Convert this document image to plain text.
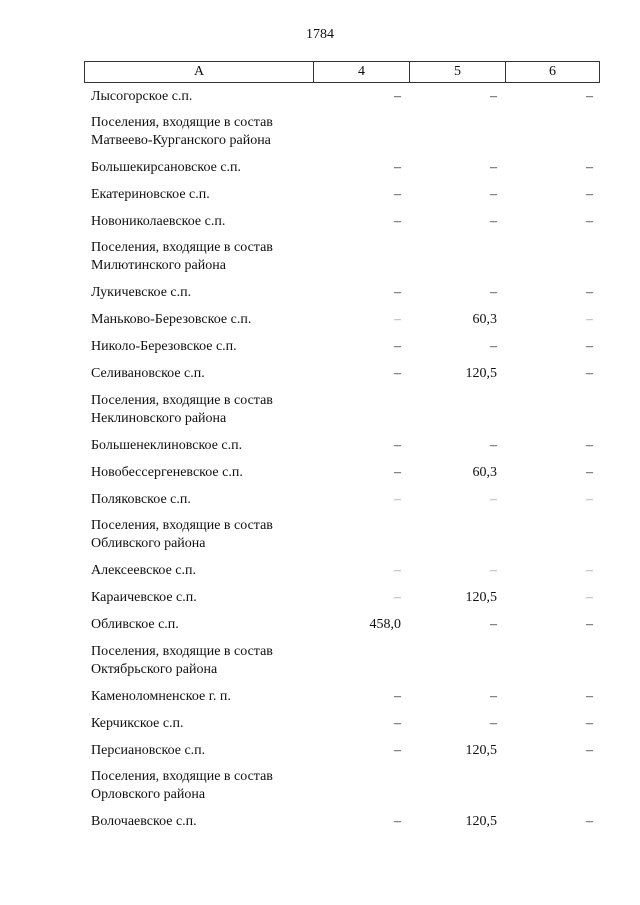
1784
А	4	5	6
Лысогорское с.п.	–	–	–
Поселения, входящие в состав Матвеево-Курганского района
Большекирсановское с.п.	–	–	–
Екатериновское с.п.	–	–	–
Новониколаевское с.п.	–	–	–
Поселения, входящие в состав Милютинского района
Лукичевское с.п.	–	–	–
Маньково-Березовское с.п.	–	60,3	–
Николо-Березовское с.п.	–	–	–
Селивановское с.п.	–	120,5	–
Поселения, входящие в состав Неклиновского района
Большенеклиновское с.п.	–	–	–
Новобессергеневское с.п.	–	60,3	–
Поляковское с.п.	–	–	–
Поселения, входящие в состав Обливского района
Алексеевское с.п.	–	–	–
Караичевское с.п.	–	120,5	–
Обливское с.п.	458,0	–	–
Поселения, входящие в состав Октябрьского района
Каменоломненское г. п.	–	–	–
Керчикское с.п.	–	–	–
Персиановское с.п.	–	120,5	–
Поселения, входящие в состав Орловского района
Волочаевское с.п.	–	120,5	–
